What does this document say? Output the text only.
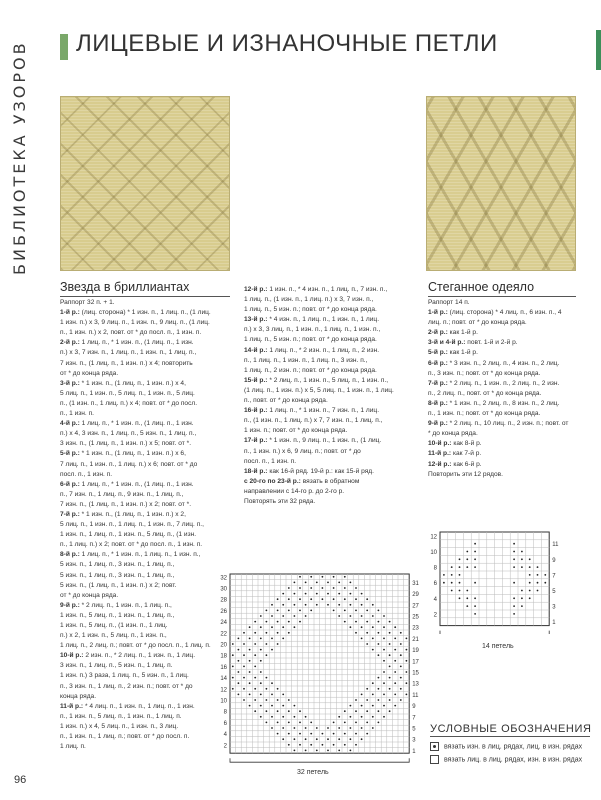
БИБЛИОТЕКА УЗОРОВ	ЛИЦЕВЫЕ И ИЗНАНОЧНЫЕ ПЕТЛИ
Звезда в бриллиантах	Стеганное одеяло
Раппорт 32 п. + 1.
1-й р.: (лиц. сторона) * 1 изн. п., 1 лиц. п., (1 лиц.
1 изн. п.) х 3, 9 лиц. п., 1 изн. п., 9 лиц. п., (1 лиц.
п., 1 изн. п.) х 2, повт. от * до посл. п., 1 изн. п.
2-й р.: 1 лиц. п., * 1 изн. п., (1 лиц. п., 1 изн.
п.) х 3, 7 изн. п., 1 лиц. п., 1 изн. п., 1 лиц. п.,
7 изн. п., (1 лиц. п., 1 изн. п.) х 4; повторить
от * до конца ряда.
3-й р.: * 1 изн. п., (1 лиц. п., 1 изн. п.) х 4,
5 лиц. п., 1 изн. п., 5 лиц. п., 1 изн. п., 5 лиц.
п., (1 изн. п., 1 лиц. п.) х 4; повт. от * до посл.
п., 1 изн. п.
4-й р.: 1 лиц. п., * 1 изн. п., (1 лиц. п., 1 изн.
п.) х 4, 3 изн. п., 1 лиц. п., 5 изн. п., 1 лиц. п.,
3 изн. п., (1 лиц. п., 1 изн. п.) х 5; повт. от *.
5-й р.: * 1 изн. п., (1 лиц. п., 1 изн. п.) х 6,
7 лиц. п., 1 изн. п., 1 лиц. п.) х 6; повт. от * до
посл. п., 1 изн. п.
6-й р.: 1 лиц. п., * 1 изн. п., (1 лиц. п., 1 изн.
п., 7 изн. п., 1 лиц. п., 9 изн. п., 1 лиц. п.,
7 изн. п., (1 лиц. п., 1 изн. п.) х 2; повт. от *.
7-й р.: * 1 изн. п., (1 лиц. п., 1 изн. п.) х 2,
5 лиц. п., 1 изн. п., 1 лиц. п., 1 изн. п., 7 лиц. п.,
1 изн. п., 1 лиц. п., 1 изн. п., 5 лиц. п., (1 изн.
п., 1 лиц. п.) х 2; повт. от * до посл. п., 1 изн. п.
8-й р.: 1 лиц. п., * 1 изн. п., 1 лиц. п., 1 изн. п.,
5 изн. п., 1 лиц. п., 3 изн. п., 1 лиц. п.,
5 изн. п., 1 лиц. п., 3 изн. п., 1 лиц. п.,
5 изн. п., (1 лиц. п., 1 изн. п.) х 2; повт.
от * до конца ряда.
9-й р.: * 2 лиц. п., 1 изн. п., 1 лиц. п.,
1 изн. п., 5 лиц. п., 1 изн. п., 1 лиц. п.,
1 изн. п., 5 лиц. п., (1 изн. п., 1 лиц.
п.) х 2, 1 изн. п., 5 лиц. п., 1 изн. п.,
1 лиц. п., 2 лиц. п.; повт. от * до посл. п., 1 лиц. п.
10-й р.: 2 изн. п., * 2 лиц. п., 1 изн. п., 1 лиц.
3 изн. п., 1 лиц. п., 5 изн. п., 1 лиц. п.
1 изн. п.) 3 раза, 1 лиц. п., 5 изн. п., 1 лиц.
п., 3 изн. п., 1 лиц. п., 2 изн. п.; повт. от * до
конца ряда.
11-й р.: * 4 лиц. п., 1 изн. п., 1 лиц. п., 1 изн.
п., 1 изн. п., 5 лиц. п., 1 изн. п., 1 лиц. п.
1 изн. п.) х 4, 5 лиц. п., 1 изн. п., 3 лиц.
п., 1 изн. п., 1 лиц. п.; повт. от * до посл. п.
1 лиц. п.
12-й р.: 1 изн. п., * 4 изн. п., 1 лиц. п., 7 изн. п.,
1 лиц. п., (1 изн. п., 1 лиц. п.) х 3, 7 изн. п.,
1 лиц. п., 5 изн. п.; повт. от * до конца ряда.
13-й р.: * 4 изн. п., 1 лиц. п., 1 изн. п., 1 лиц.
п.) х 3, 3 лиц. п., 1 изн. п., 1 лиц. п., 1 изн. п.,
1 лиц. п., 5 изн. п.; повт. от * до конца ряда.
14-й р.: 1 лиц. п., * 2 изн. п., 1 лиц. п., 2 изн.
п., 1 лиц. п., 1 изн. п., 1 лиц. п., 3 изн. п.,
1 лиц. п., 2 изн. п.; повт. от * до конца ряда.
15-й р.: * 2 лиц. п., 1 изн. п., 5 лиц. п., 1 изн. п.,
(1 лиц. п., 1 изн. п.) х 5, 5 лиц. п., 1 изн. п., 1 лиц.
п., повт. от * до конца ряда.
16-й р.: 1 лиц. п., * 1 изн. п., 7 изн. п., 1 лиц.
п., (1 изн. п., 1 лиц. п.) х 7, 7 изн. п., 1 лиц. п.,
1 изн. п.; повт. от * до конца ряда.
17-й р.: * 1 изн. п., 9 лиц. п., 1 изн. п., (1 лиц.
п., 1 изн. п.) х 6, 9 лиц. п.; повт. от * до
посл. п., 1 изн. п.
18-й р.: как 16-й ряд. 19-й р.: как 15-й ряд.
с 20-го по 23-й р.: вязать в обратном
направлении с 14-го р. до 2-го р.
Повторять эти 32 ряда.
Раппорт 14 п.
1-й р.: (лиц. сторона) * 4 лиц. п., 6 изн. п., 4
лиц. п.; повт. от * до конца ряда.
2-й р.: как 1-й р.
3-й и 4-й р.: повт. 1-й и 2-й р.
5-й р.: как 1-й р.
6-й р.: * 3 изн. п., 2 лиц. п., 4 изн. п., 2 лиц.
п., 3 изн. п.; повт. от * до конца ряда.
7-й р.: * 2 лиц. п., 1 изн. п., 2 лиц. п., 2 изн.
п., 2 лиц. п., повт. от * до конца ряда.
8-й р.: * 1 изн. п., 2 лиц. п., 8 изн. п., 2 лиц.
п., 1 изн. п.; повт. от * до конца ряда.
9-й р.: * 2 лиц. п., 10 лиц. п., 2 изн. п.; повт. от
* до конца ряда.
10-й р.: как 8-й р.
11-й р.: как 7-й р.
12-й р.: как 6-й р.
Повторить эти 12 рядов.
32
30
28
26
24
22
20
18
16
14
12
10
8
6
4
2
31
29
27
25
23
21
19
17
15
13
11
9
7
5
3
1
32 петель
12
10
8
6
4
2
11
9
7
5
3
1
14 петель
УСЛОВНЫЕ ОБОЗНАЧЕНИЯ
вязать изн. в лиц. рядах, лиц. в изн. рядах
вязать лиц. в лиц. рядах, изн. в изн. рядах
96
